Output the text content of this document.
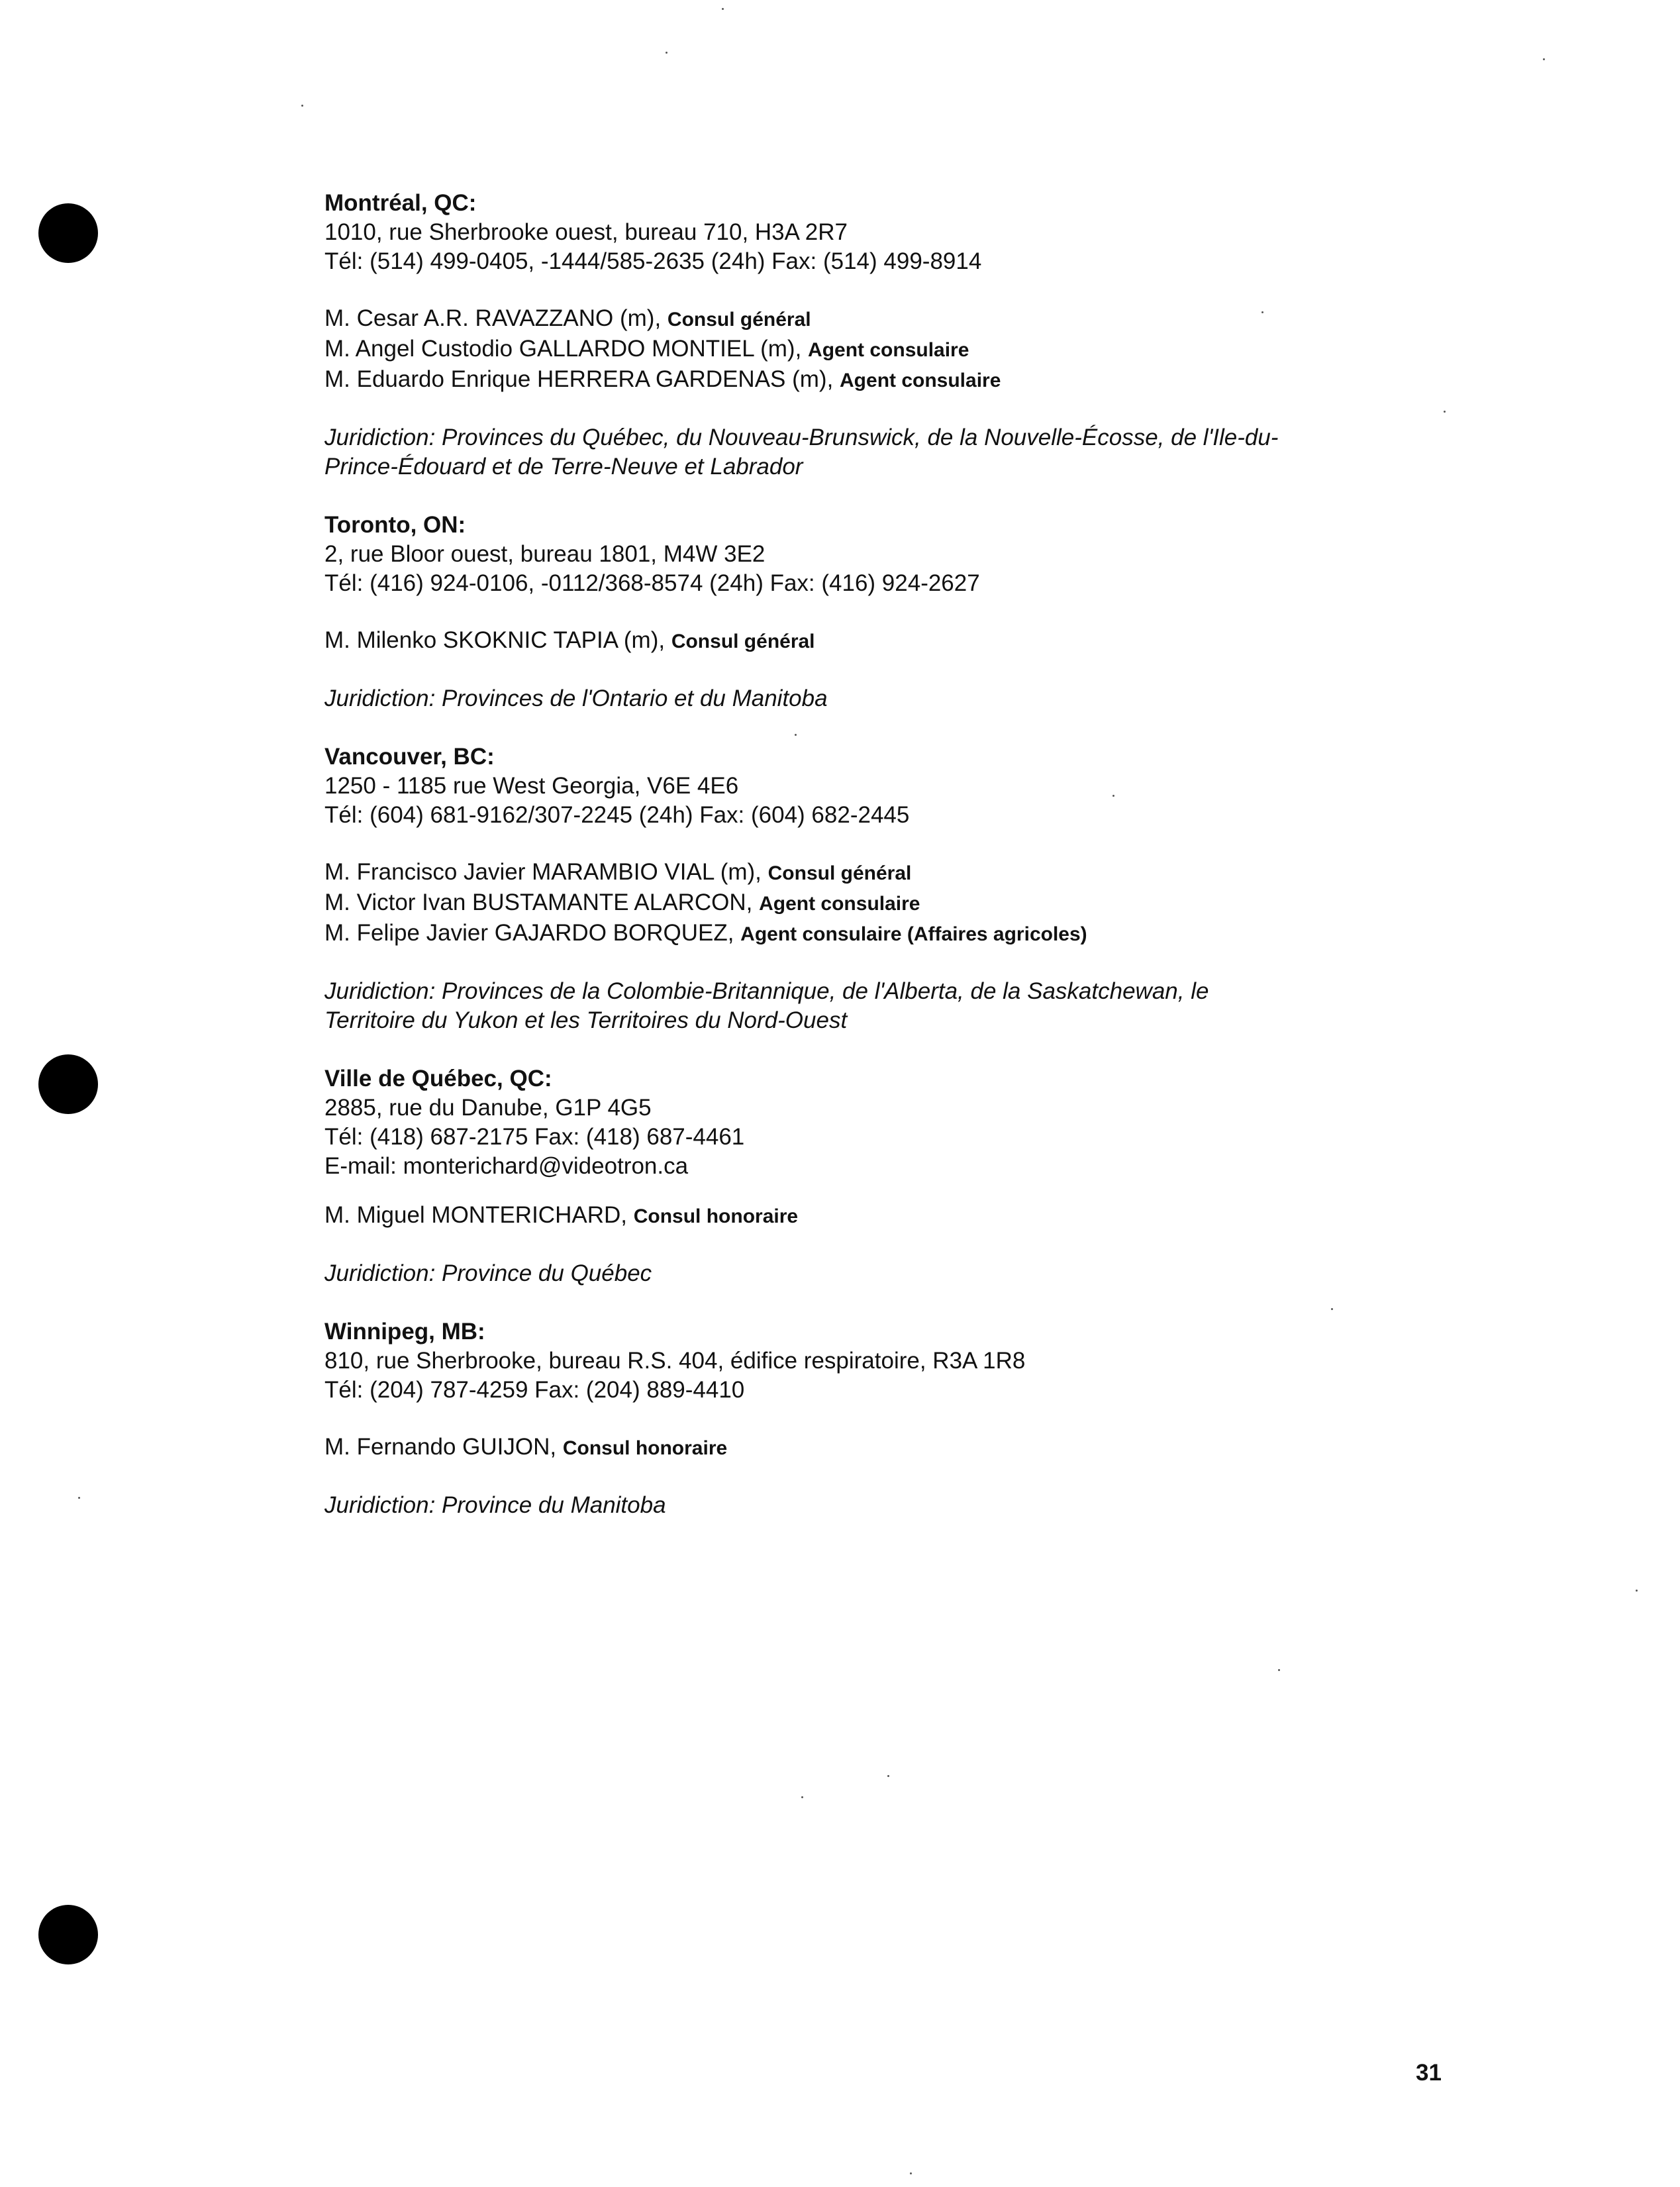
Montréal, QC:

1010, rue Sherbrooke ouest, bureau 710, H3A 2R7

Tél: (514) 499-0405, -1444/585-2635 (24h) Fax: (514) 499-8914

M. Cesar A.R. RAVAZZANO (m), Consul général

M. Angel Custodio GALLARDO MONTIEL (m), Agent consulaire

M. Eduardo Enrique HERRERA GARDENAS (m), Agent consulaire

Juridiction: Provinces du Québec, du Nouveau-Brunswick, de la Nouvelle-Écosse, de l'Ile-du-Prince-Édouard et de Terre-Neuve et Labrador

Toronto, ON:

2, rue Bloor ouest, bureau 1801, M4W 3E2

Tél: (416) 924-0106, -0112/368-8574 (24h) Fax: (416) 924-2627

M. Milenko SKOKNIC TAPIA (m), Consul général

Juridiction: Provinces de l'Ontario et du Manitoba

Vancouver, BC:

1250 - 1185 rue West Georgia, V6E 4E6

Tél: (604) 681-9162/307-2245 (24h) Fax: (604) 682-2445

M. Francisco Javier MARAMBIO VIAL (m), Consul général

M. Victor Ivan BUSTAMANTE ALARCON, Agent consulaire

M. Felipe Javier GAJARDO BORQUEZ, Agent consulaire (Affaires agricoles)

Juridiction: Provinces de la Colombie-Britannique, de l'Alberta, de la Saskatchewan, le Territoire du Yukon et les Territoires du Nord-Ouest

Ville de Québec, QC:

2885, rue du Danube, G1P 4G5

Tél: (418) 687-2175 Fax: (418) 687-4461

E-mail: monterichard@videotron.ca

M. Miguel MONTERICHARD, Consul honoraire

Juridiction: Province du Québec

Winnipeg, MB:

810, rue Sherbrooke, bureau R.S. 404, édifice respiratoire, R3A 1R8

Tél: (204) 787-4259 Fax: (204) 889-4410

M. Fernando GUIJON, Consul honoraire

Juridiction: Province du Manitoba

31
